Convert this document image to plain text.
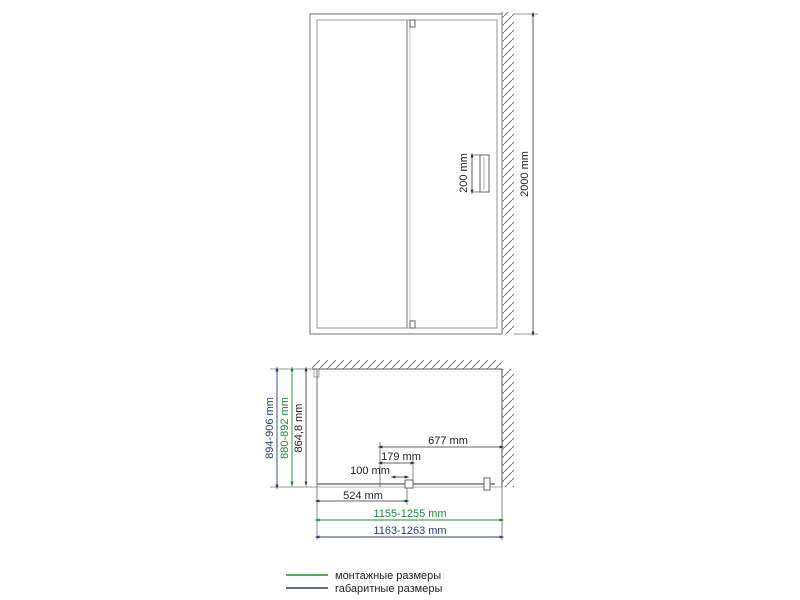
200 mm	2000 mm
677 mm
179 mm
100 mm
524 mm
1155-1255 mm
1163-1263 mm
894-906 mm 880-892 mm 864,8 mm
монтажные размеры
габаритные размеры
